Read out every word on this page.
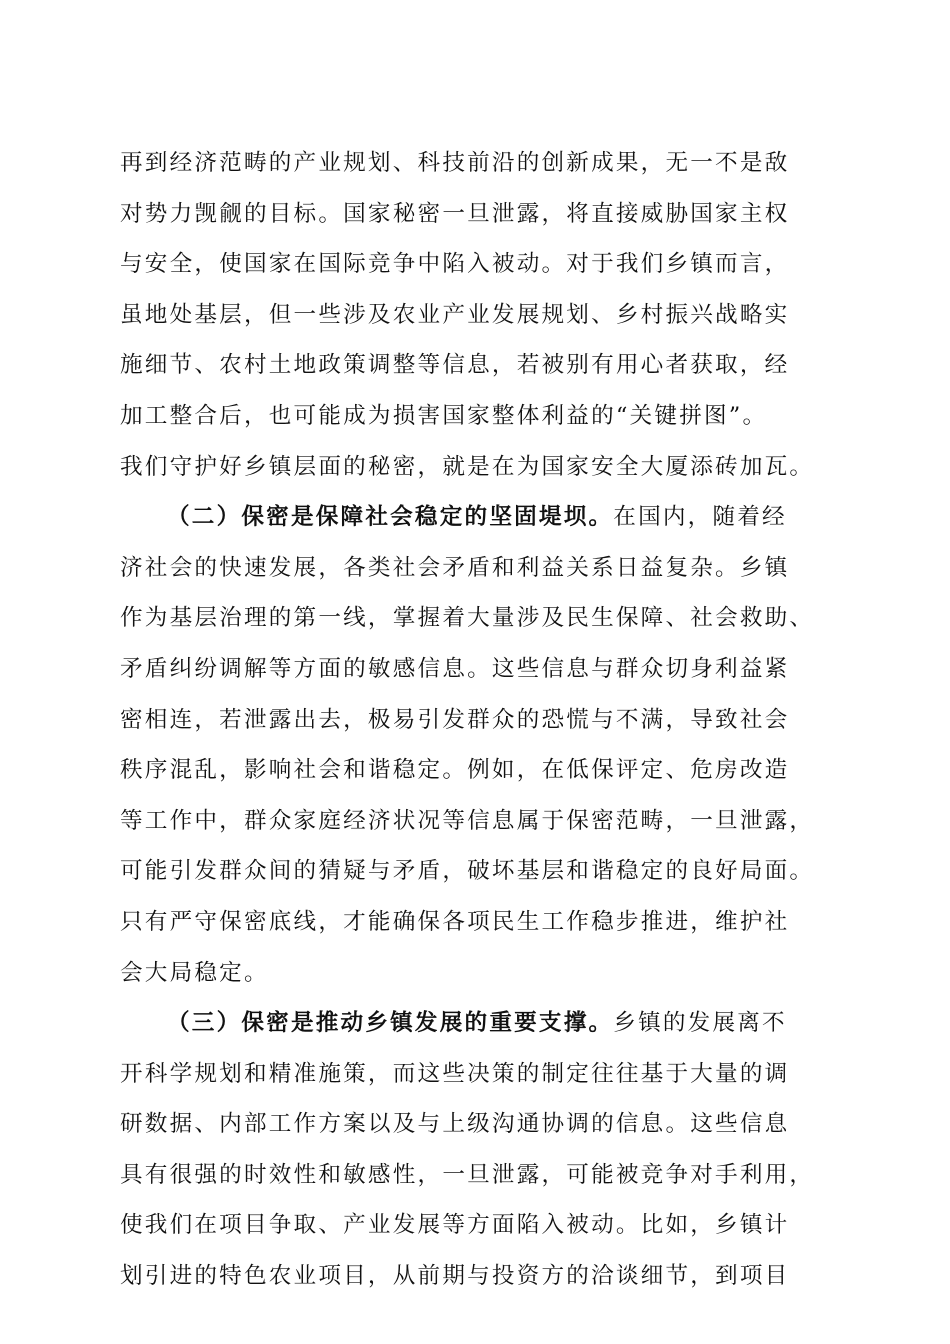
再到经济范畴的产业规划、科技前沿的创新成果，无一不是敌
对势力觊觎的目标。国家秘密一旦泄露，将直接威胁国家主权
与安全，使国家在国际竞争中陷入被动。对于我们乡镇而言，
虽地处基层，但一些涉及农业产业发展规划、乡村振兴战略实
施细节、农村土地政策调整等信息，若被别有用心者获取，经
加工整合后，也可能成为损害国家整体利益的“关键拼图”。
我们守护好乡镇层面的秘密，就是在为国家安全大厦添砖加瓦。

（二）保密是保障社会稳定的坚固堤坝。在国内，随着经
济社会的快速发展，各类社会矛盾和利益关系日益复杂。乡镇
作为基层治理的第一线，掌握着大量涉及民生保障、社会救助、
矛盾纠纷调解等方面的敏感信息。这些信息与群众切身利益紧
密相连，若泄露出去，极易引发群众的恐慌与不满，导致社会
秩序混乱，影响社会和谐稳定。例如，在低保评定、危房改造
等工作中，群众家庭经济状况等信息属于保密范畴，一旦泄露，
可能引发群众间的猜疑与矛盾，破坏基层和谐稳定的良好局面。
只有严守保密底线，才能确保各项民生工作稳步推进，维护社
会大局稳定。

（三）保密是推动乡镇发展的重要支撑。乡镇的发展离不
开科学规划和精准施策，而这些决策的制定往往基于大量的调
研数据、内部工作方案以及与上级沟通协调的信息。这些信息
具有很强的时效性和敏感性，一旦泄露，可能被竞争对手利用，
使我们在项目争取、产业发展等方面陷入被动。比如，乡镇计
划引进的特色农业项目，从前期与投资方的洽谈细节，到项目
